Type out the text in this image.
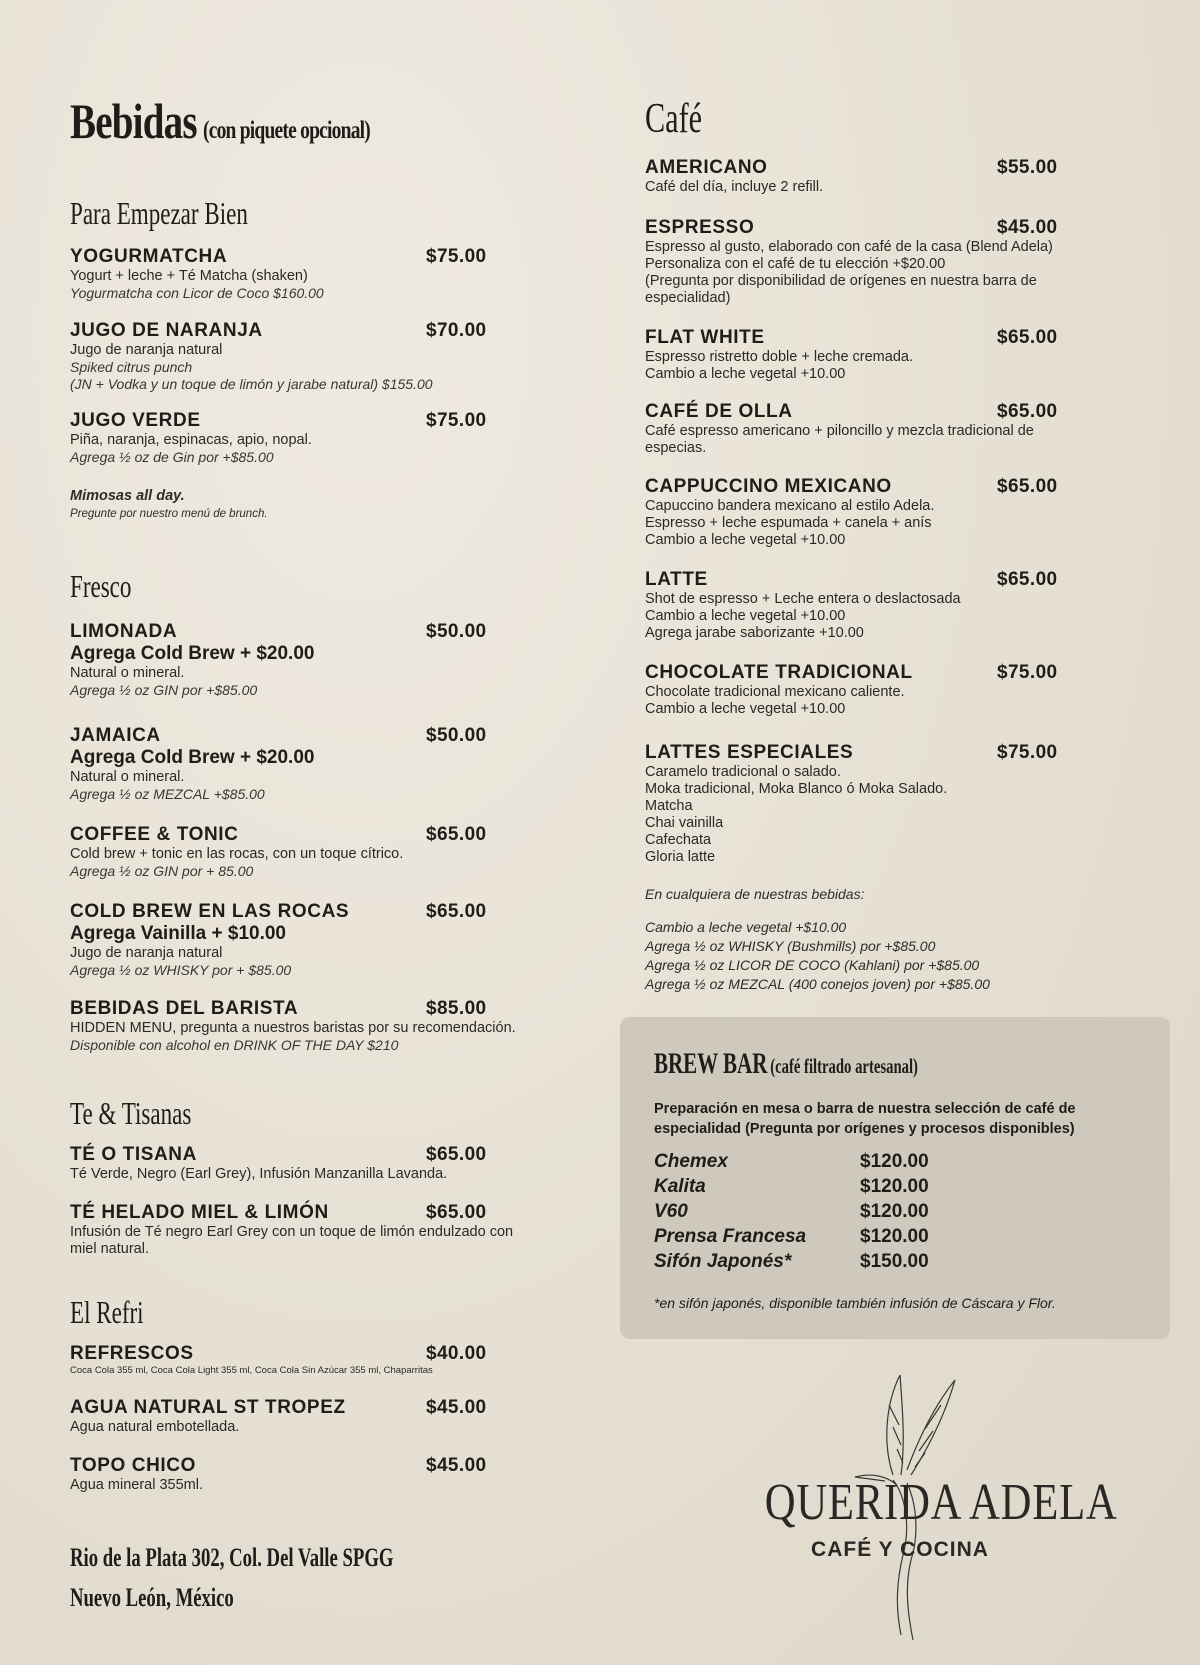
Bebidas (con piquete opcional)
Para Empezar Bien
YOGURMATCHA	$75.00
Yogurt + leche + Té Matcha (shaken)
Yogurmatcha con Licor de Coco $160.00
JUGO DE NARANJA	$70.00
Jugo de naranja natural
Spiked citrus punch
(JN + Vodka y un toque de limón y jarabe natural) $155.00
JUGO VERDE	$75.00
Piña, naranja, espinacas, apio, nopal.
Agrega ½ oz de Gin por +$85.00
Mimosas all day.
Pregunte por nuestro menú de brunch.
Fresco
LIMONADA	$50.00
Agrega Cold Brew + $20.00
Natural o mineral.
Agrega ½ oz GIN por +$85.00
JAMAICA	$50.00
Agrega Cold Brew + $20.00
Natural o mineral.
Agrega ½ oz MEZCAL +$85.00
COFFEE & TONIC	$65.00
Cold brew + tonic en las rocas, con un toque cítrico.
Agrega ½ oz GIN por + 85.00
COLD BREW EN LAS ROCAS	$65.00
Agrega Vainilla + $10.00
Jugo de naranja natural
Agrega ½ oz WHISKY por + $85.00
BEBIDAS DEL BARISTA	$85.00
HIDDEN MENU, pregunta a nuestros baristas por su recomendación.
Disponible con alcohol en DRINK OF THE DAY $210
Te & Tisanas
TÉ O TISANA	$65.00
Té Verde, Negro (Earl Grey), Infusión Manzanilla Lavanda.
TÉ HELADO MIEL & LIMÓN	$65.00
Infusión de Té negro Earl Grey con un toque de limón endulzado con
miel natural.
El Refri
REFRESCOS	$40.00
Coca Cola 355 ml, Coca Cola Light 355 ml, Coca Cola Sin Azúcar 355 ml, Chaparritas
AGUA NATURAL ST TROPEZ	$45.00
Agua natural embotellada.
TOPO CHICO	$45.00
Agua mineral 355ml.
Rio de la Plata 302, Col. Del Valle SPGG
Nuevo León, México
Café
AMERICANO	$55.00
Café del día, incluye 2 refill.
ESPRESSO	$45.00
Espresso al gusto, elaborado con café de la casa (Blend Adela)
Personaliza con el café de tu elección +$20.00
(Pregunta por disponibilidad de orígenes en nuestra barra de
especialidad)
FLAT WHITE	$65.00
Espresso ristretto doble + leche cremada.
Cambio a leche vegetal +10.00
CAFÉ DE OLLA	$65.00
Café espresso americano + piloncillo y mezcla tradicional de
especias.
CAPPUCCINO MEXICANO	$65.00
Capuccino bandera mexicano al estilo Adela.
Espresso + leche espumada + canela + anís
Cambio a leche vegetal +10.00
LATTE	$65.00
Shot de espresso + Leche entera o deslactosada
Cambio a leche vegetal +10.00
Agrega jarabe saborizante +10.00
CHOCOLATE TRADICIONAL	$75.00
Chocolate tradicional mexicano caliente.
Cambio a leche vegetal +10.00
LATTES ESPECIALES	$75.00
Caramelo tradicional o salado.
Moka tradicional, Moka Blanco ó Moka Salado.
Matcha
Chai vainilla
Cafechata
Gloria latte
En cualquiera de nuestras bebidas:
Cambio a leche vegetal +$10.00
Agrega ½ oz WHISKY (Bushmills) por +$85.00
Agrega ½ oz LICOR DE COCO (Kahlani) por +$85.00
Agrega ½ oz MEZCAL (400 conejos joven) por +$85.00
BREW BAR (café filtrado artesanal)
Preparación en mesa o barra de nuestra selección de café de especialidad (Pregunta por orígenes y procesos disponibles)
Chemex	$120.00
Kalita	$120.00
V60	$120.00
Prensa Francesa	$120.00
Sifón Japonés*	$150.00
*en sifón japonés, disponible también infusión de Cáscara y Flor.
QUERIDA ADELA
CAFÉ Y COCINA
